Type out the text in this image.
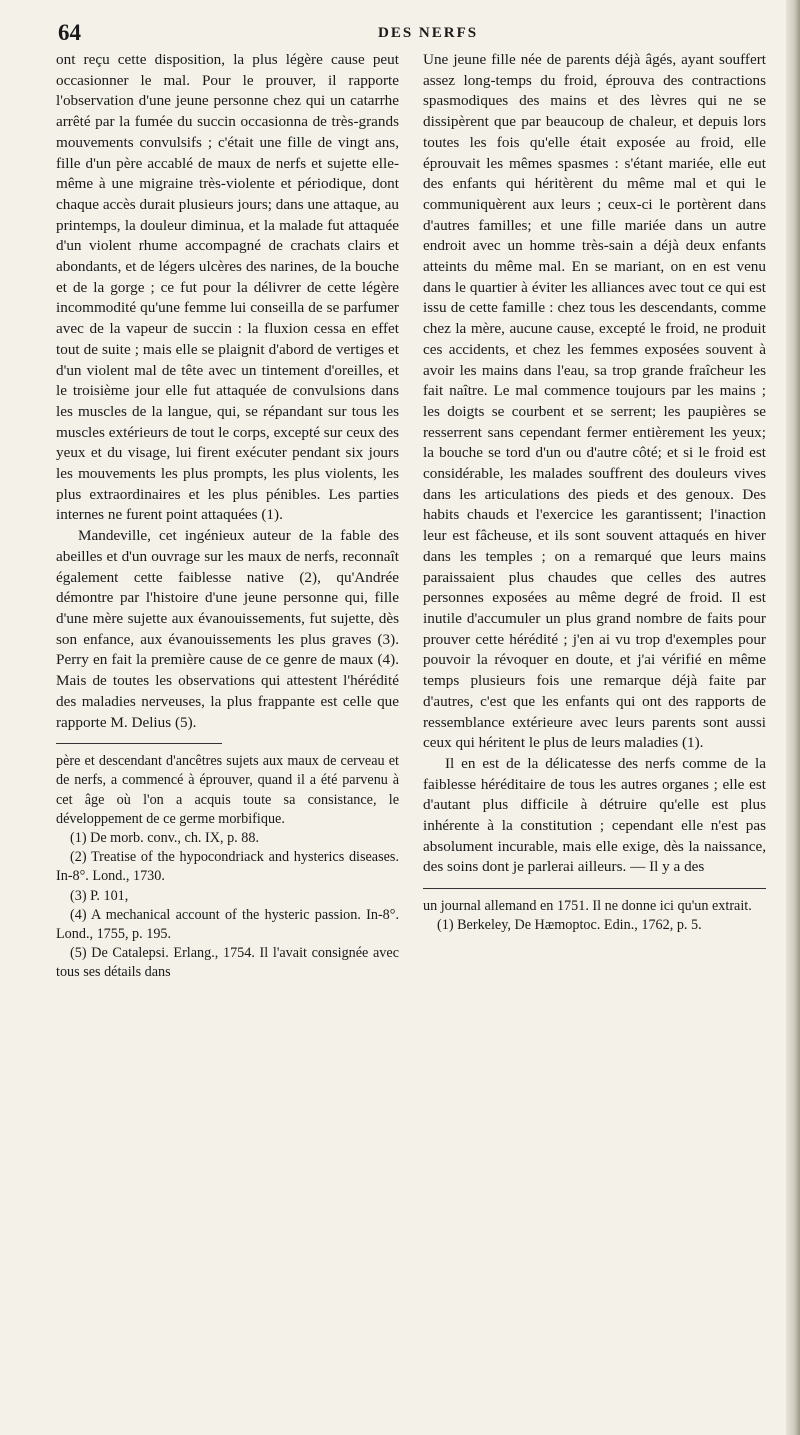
64	DES NERFS

ont reçu cette disposition, la plus légère cause peut occasionner le mal. Pour le prouver, il rapporte l'observation d'une jeune personne chez qui un catarrhe arrêté par la fumée du succin occasionna de très-grands mouvements convulsifs ; c'était une fille de vingt ans, fille d'un père accablé de maux de nerfs et sujette elle-même à une migraine très-violente et périodique, dont chaque accès durait plusieurs jours; dans une attaque, au printemps, la douleur diminua, et la malade fut attaquée d'un violent rhume accompagné de crachats clairs et abondants, et de légers ulcères des narines, de la bouche et de la gorge ; ce fut pour la délivrer de cette légère incommodité qu'une femme lui conseilla de se parfumer avec de la vapeur de succin : la fluxion cessa en effet tout de suite ; mais elle se plaignit d'abord de vertiges et d'un violent mal de tête avec un tintement d'oreilles, et le troisième jour elle fut attaquée de convulsions dans les muscles de la langue, qui, se répandant sur tous les muscles extérieurs de tout le corps, excepté sur ceux des yeux et du visage, lui firent exécuter pendant six jours les mouvements les plus prompts, les plus violents, les plus extraordinaires et les plus pénibles. Les parties internes ne furent point attaquées (1).

Mandeville, cet ingénieux auteur de la fable des abeilles et d'un ouvrage sur les maux de nerfs, reconnaît également cette faiblesse native (2), qu'Andrée démontre par l'histoire d'une jeune personne qui, fille d'une mère sujette aux évanouissements, fut sujette, dès son enfance, aux évanouissements les plus graves (3). Perry en fait la première cause de ce genre de maux (4). Mais de toutes les observations qui attestent l'hérédité des maladies nerveuses, la plus frappante est celle que rapporte M. Delius (5).

père et descendant d'ancêtres sujets aux maux de cerveau et de nerfs, a commencé à éprouver, quand il a été parvenu à cet âge où l'on a acquis toute sa consistance, le développement de ce germe morbifique.

(1) De morb. conv., ch. IX, p. 88.

(2) Treatise of the hypocondriack and hysterics diseases. In-8°. Lond., 1730.

(3) P. 101,

(4) A mechanical account of the hysteric passion. In-8°. Lond., 1755, p. 195.

(5) De Catalepsi. Erlang., 1754. Il l'avait consignée avec tous ses détails dans

Une jeune fille née de parents déjà âgés, ayant souffert assez long-temps du froid, éprouva des contractions spasmodiques des mains et des lèvres qui ne se dissipèrent que par beaucoup de chaleur, et depuis lors toutes les fois qu'elle était exposée au froid, elle éprouvait les mêmes spasmes : s'étant mariée, elle eut des enfants qui héritèrent du même mal et qui le communiquèrent aux leurs ; ceux-ci le portèrent dans d'autres familles; et une fille mariée dans un autre endroit avec un homme très-sain a déjà deux enfants atteints du même mal. En se mariant, on en est venu dans le quartier à éviter les alliances avec tout ce qui est issu de cette famille : chez tous les descendants, comme chez la mère, aucune cause, excepté le froid, ne produit ces accidents, et chez les femmes exposées souvent à avoir les mains dans l'eau, sa trop grande fraîcheur les fait naître. Le mal commence toujours par les mains ; les doigts se courbent et se serrent; les paupières se resserrent sans cependant fermer entièrement les yeux; la bouche se tord d'un ou d'autre côté; et si le froid est considérable, les malades souffrent des douleurs vives dans les articulations des pieds et des genoux. Des habits chauds et l'exercice les garantissent; l'inaction leur est fâcheuse, et ils sont souvent attaqués en hiver dans les temples ; on a remarqué que leurs mains paraissaient plus chaudes que celles des autres personnes exposées au même degré de froid. Il est inutile d'accumuler un plus grand nombre de faits pour prouver cette hérédité ; j'en ai vu trop d'exemples pour pouvoir la révoquer en doute, et j'ai vérifié en même temps plusieurs fois une remarque déjà faite par d'autres, c'est que les enfants qui ont des rapports de ressemblance extérieure avec leurs parents sont aussi ceux qui héritent le plus de leurs maladies (1).

Il en est de la délicatesse des nerfs comme de la faiblesse héréditaire de tous les autres organes ; elle est d'autant plus difficile à détruire qu'elle est plus inhérente à la constitution ; cependant elle n'est pas absolument incurable, mais elle exige, dès la naissance, des soins dont je parlerai ailleurs. — Il y a des

un journal allemand en 1751. Il ne donne ici qu'un extrait.

(1) Berkeley, De Hæmoptoc. Edin., 1762, p. 5.
